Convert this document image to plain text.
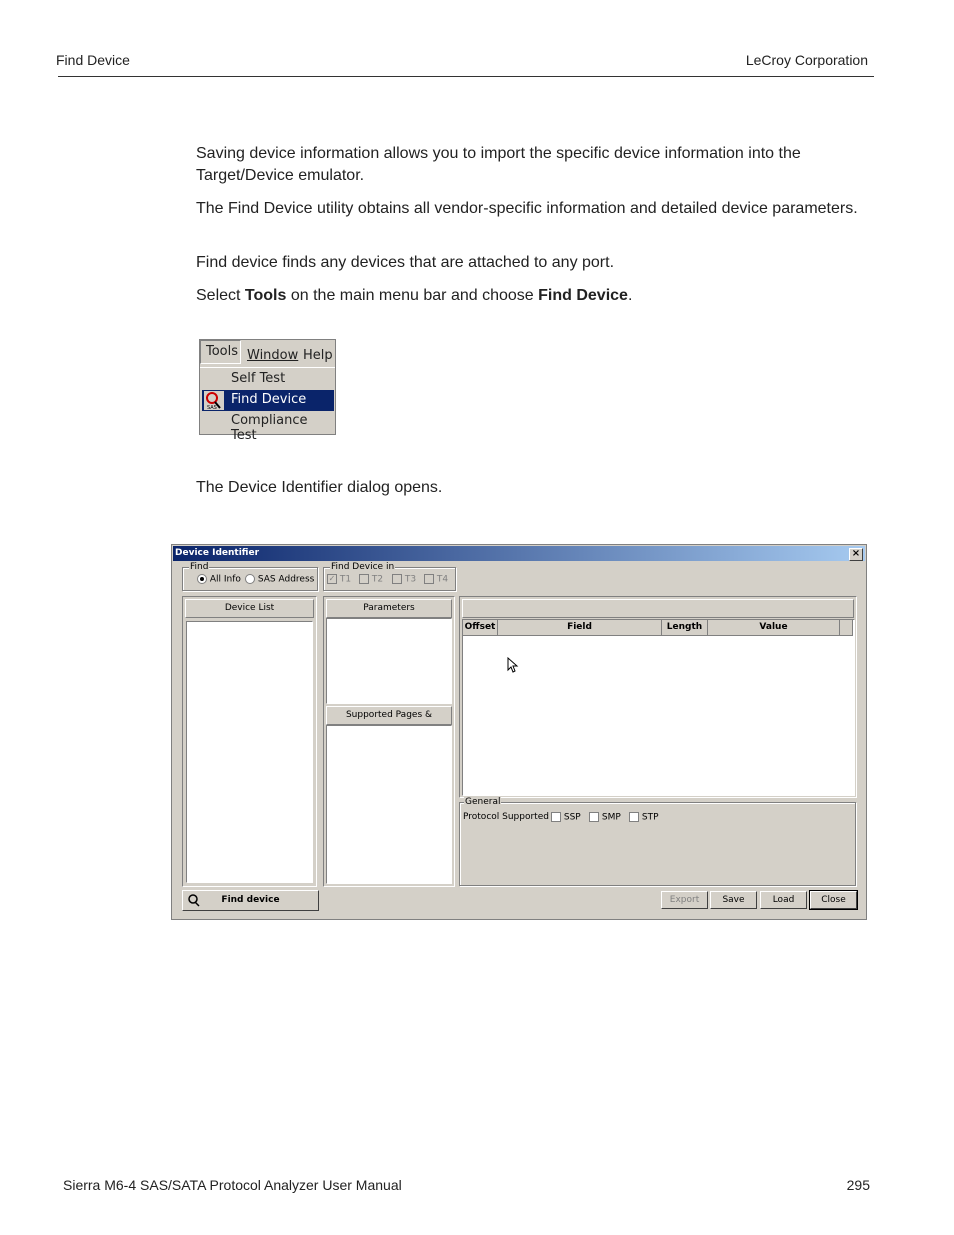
Find Device	LeCroy Corporation

Saving device information allows you to import the specific device information into the Target/Device emulator.

The Find Device utility obtains all vendor-specific information and detailed device parameters.

Find device finds any devices that are attached to any port.

Select Tools on the main menu bar and choose Find Device.

Tools Window Help
Self Test
SAS
Find Device
Compliance Test

The Device Identifier dialog opens.

Device Identifier	×
Find
All Info	SAS Address
Find Device in
✓ T1	T2	T3	T4
Device List	Parameters
Supported Pages &
Offset	Field	Length	Value
General
Protocol Supported	SSP	SMP	STP
Find device	Export	Save	Load	Close
Sierra M6-4 SAS/SATA Protocol Analyzer User Manual	295
